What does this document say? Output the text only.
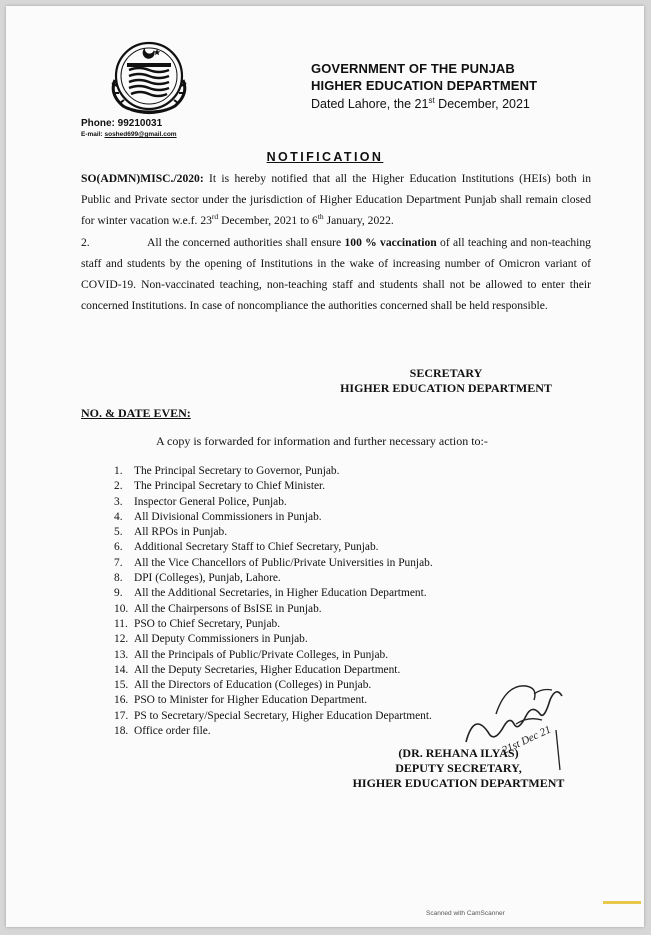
GOVERNMENT OF THE PUNJAB
HIGHER EDUCATION DEPARTMENT
Dated Lahore, the 21st December, 2021
Phone: 99210031
E-mail: soshed699@gmail.com
NOTIFICATION
SO(ADMN)MISC./2020: It is hereby notified that all the Higher Education Institutions (HEIs) both in Public and Private sector under the jurisdiction of Higher Education Department Punjab shall remain closed for winter vacation w.e.f. 23rd December, 2021 to 6th January, 2022.
2.	All the concerned authorities shall ensure 100 % vaccination of all teaching and non-teaching staff and students by the opening of Institutions in the wake of increasing number of Omicron variant of COVID-19. Non-vaccinated teaching, non-teaching staff and students shall not be allowed to enter their concerned Institutions. In case of noncompliance the authorities concerned shall be held responsible.
SECRETARY
HIGHER EDUCATION DEPARTMENT
NO. & DATE EVEN:
A copy is forwarded for information and further necessary action to:-
1. The Principal Secretary to Governor, Punjab.
2. The Principal Secretary to Chief Minister.
3. Inspector General Police, Punjab.
4. All Divisional Commissioners in Punjab.
5. All RPOs in Punjab.
6. Additional Secretary Staff to Chief Secretary, Punjab.
7. All the Vice Chancellors of Public/Private Universities in Punjab.
8. DPI (Colleges), Punjab, Lahore.
9. All the Additional Secretaries, in Higher Education Department.
10. All the Chairpersons of BsISE in Punjab.
11. PSO to Chief Secretary, Punjab.
12. All Deputy Commissioners in Punjab.
13. All the Principals of Public/Private Colleges, in Punjab.
14. All the Deputy Secretaries, Higher Education Department.
15. All the Directors of Education (Colleges) in Punjab.
16. PSO to Minister for Higher Education Department.
17. PS to Secretary/Special Secretary, Higher Education Department.
18. Office order file.	21st Dec 21
(DR. REHANA ILYAS)
DEPUTY SECRETARY,
HIGHER EDUCATION DEPARTMENT
Scanned with CamScanner
